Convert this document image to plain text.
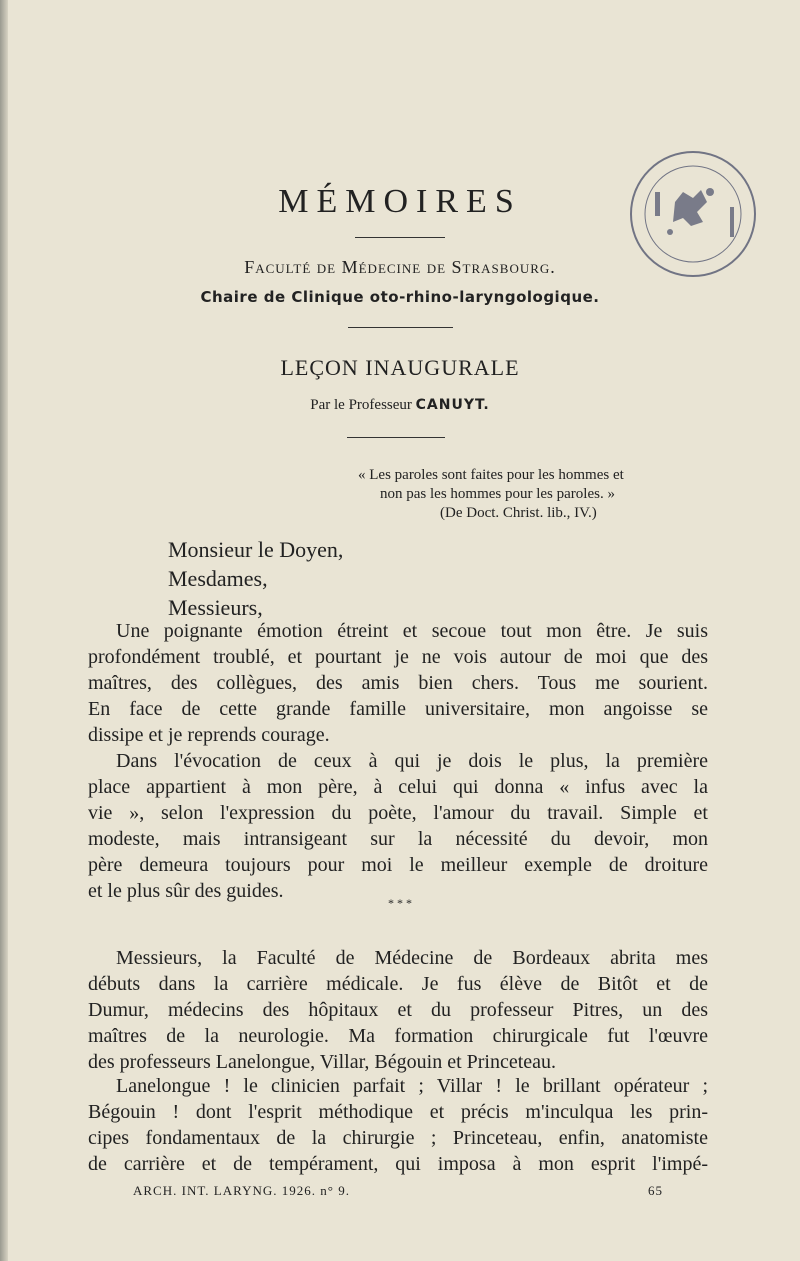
MÉMOIRES
Faculté de Médecine de Strasbourg.
Chaire de Clinique oto-rhino-laryngologique.
LEÇON INAUGURALE
Par le Professeur CANUYT.
« Les paroles sont faites pour les hommes et
non pas les hommes pour les paroles. »
(De Doct. Christ. lib., IV.)
Monsieur le Doyen,
Mesdames,
Messieurs,
Une poignante émotion étreint et secoue tout mon être. Je suis
profondément troublé, et pourtant je ne vois autour de moi que des
maîtres, des collègues, des amis bien chers. Tous me sourient.
En face de cette grande famille universitaire, mon angoisse se
dissipe et je reprends courage.
Dans l'évocation de ceux à qui je dois le plus, la première
place appartient à mon père, à celui qui donna « infus avec la
vie », selon l'expression du poète, l'amour du travail. Simple et
modeste, mais intransigeant sur la nécessité du devoir, mon
père demeura toujours pour moi le meilleur exemple de droiture
et le plus sûr des guides.
* * *
Messieurs, la Faculté de Médecine de Bordeaux abrita mes
débuts dans la carrière médicale. Je fus élève de Bitôt et de
Dumur, médecins des hôpitaux et du professeur Pitres, un des
maîtres de la neurologie. Ma formation chirurgicale fut l'œuvre
des professeurs Lanelongue, Villar, Bégouin et Princeteau.
Lanelongue ! le clinicien parfait ; Villar ! le brillant opérateur ;
Bégouin ! dont l'esprit méthodique et précis m'inculqua les prin-
cipes fondamentaux de la chirurgie ; Princeteau, enfin, anatomiste
de carrière et de tempérament, qui imposa à mon esprit l'impé-
ARCH. INT. LARYNG. 1926. n° 9.	65
